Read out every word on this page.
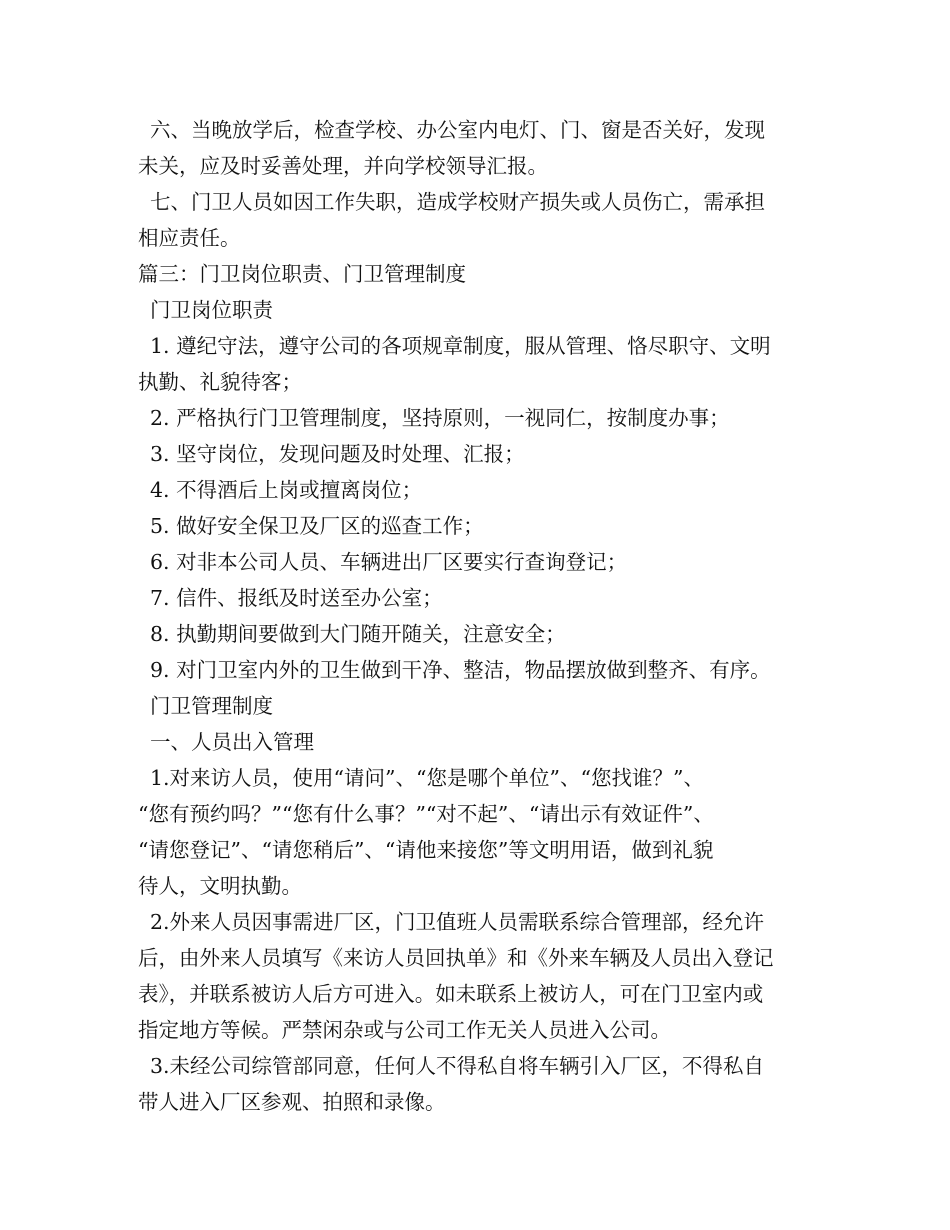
六、当晚放学后，检查学校、办公室内电灯、门、窗是否关好，发现
未关，应及时妥善处理，并向学校领导汇报。
七、门卫人员如因工作失职，造成学校财产损失或人员伤亡，需承担
相应责任。
篇三：门卫岗位职责、门卫管理制度
门卫岗位职责
1. 遵纪守法，遵守公司的各项规章制度，服从管理、恪尽职守、文明
执勤、礼貌待客；
2. 严格执行门卫管理制度，坚持原则，一视同仁，按制度办事；
3. 坚守岗位，发现问题及时处理、汇报；
4. 不得酒后上岗或擅离岗位；
5. 做好安全保卫及厂区的巡查工作；
6. 对非本公司人员、车辆进出厂区要实行查询登记；
7. 信件、报纸及时送至办公室；
8. 执勤期间要做到大门随开随关，注意安全；
9. 对门卫室内外的卫生做到干净、整洁，物品摆放做到整齐、有序。
门卫管理制度
一、人员出入管理
1.对来访人员，使用“请问”、“您是哪个单位”、“您找谁？”、
“您有预约吗？”“您有什么事？”“对不起”、“请出示有效证件”、
“请您登记”、“请您稍后”、“请他来接您”等文明用语，做到礼貌
待人，文明执勤。
2.外来人员因事需进厂区，门卫值班人员需联系综合管理部，经允许
后，由外来人员填写《来访人员回执单》和《外来车辆及人员出入登记
表》，并联系被访人后方可进入。如未联系上被访人，可在门卫室内或
指定地方等候。严禁闲杂或与公司工作无关人员进入公司。
3.未经公司综管部同意，任何人不得私自将车辆引入厂区，不得私自
带人进入厂区参观、拍照和录像。
